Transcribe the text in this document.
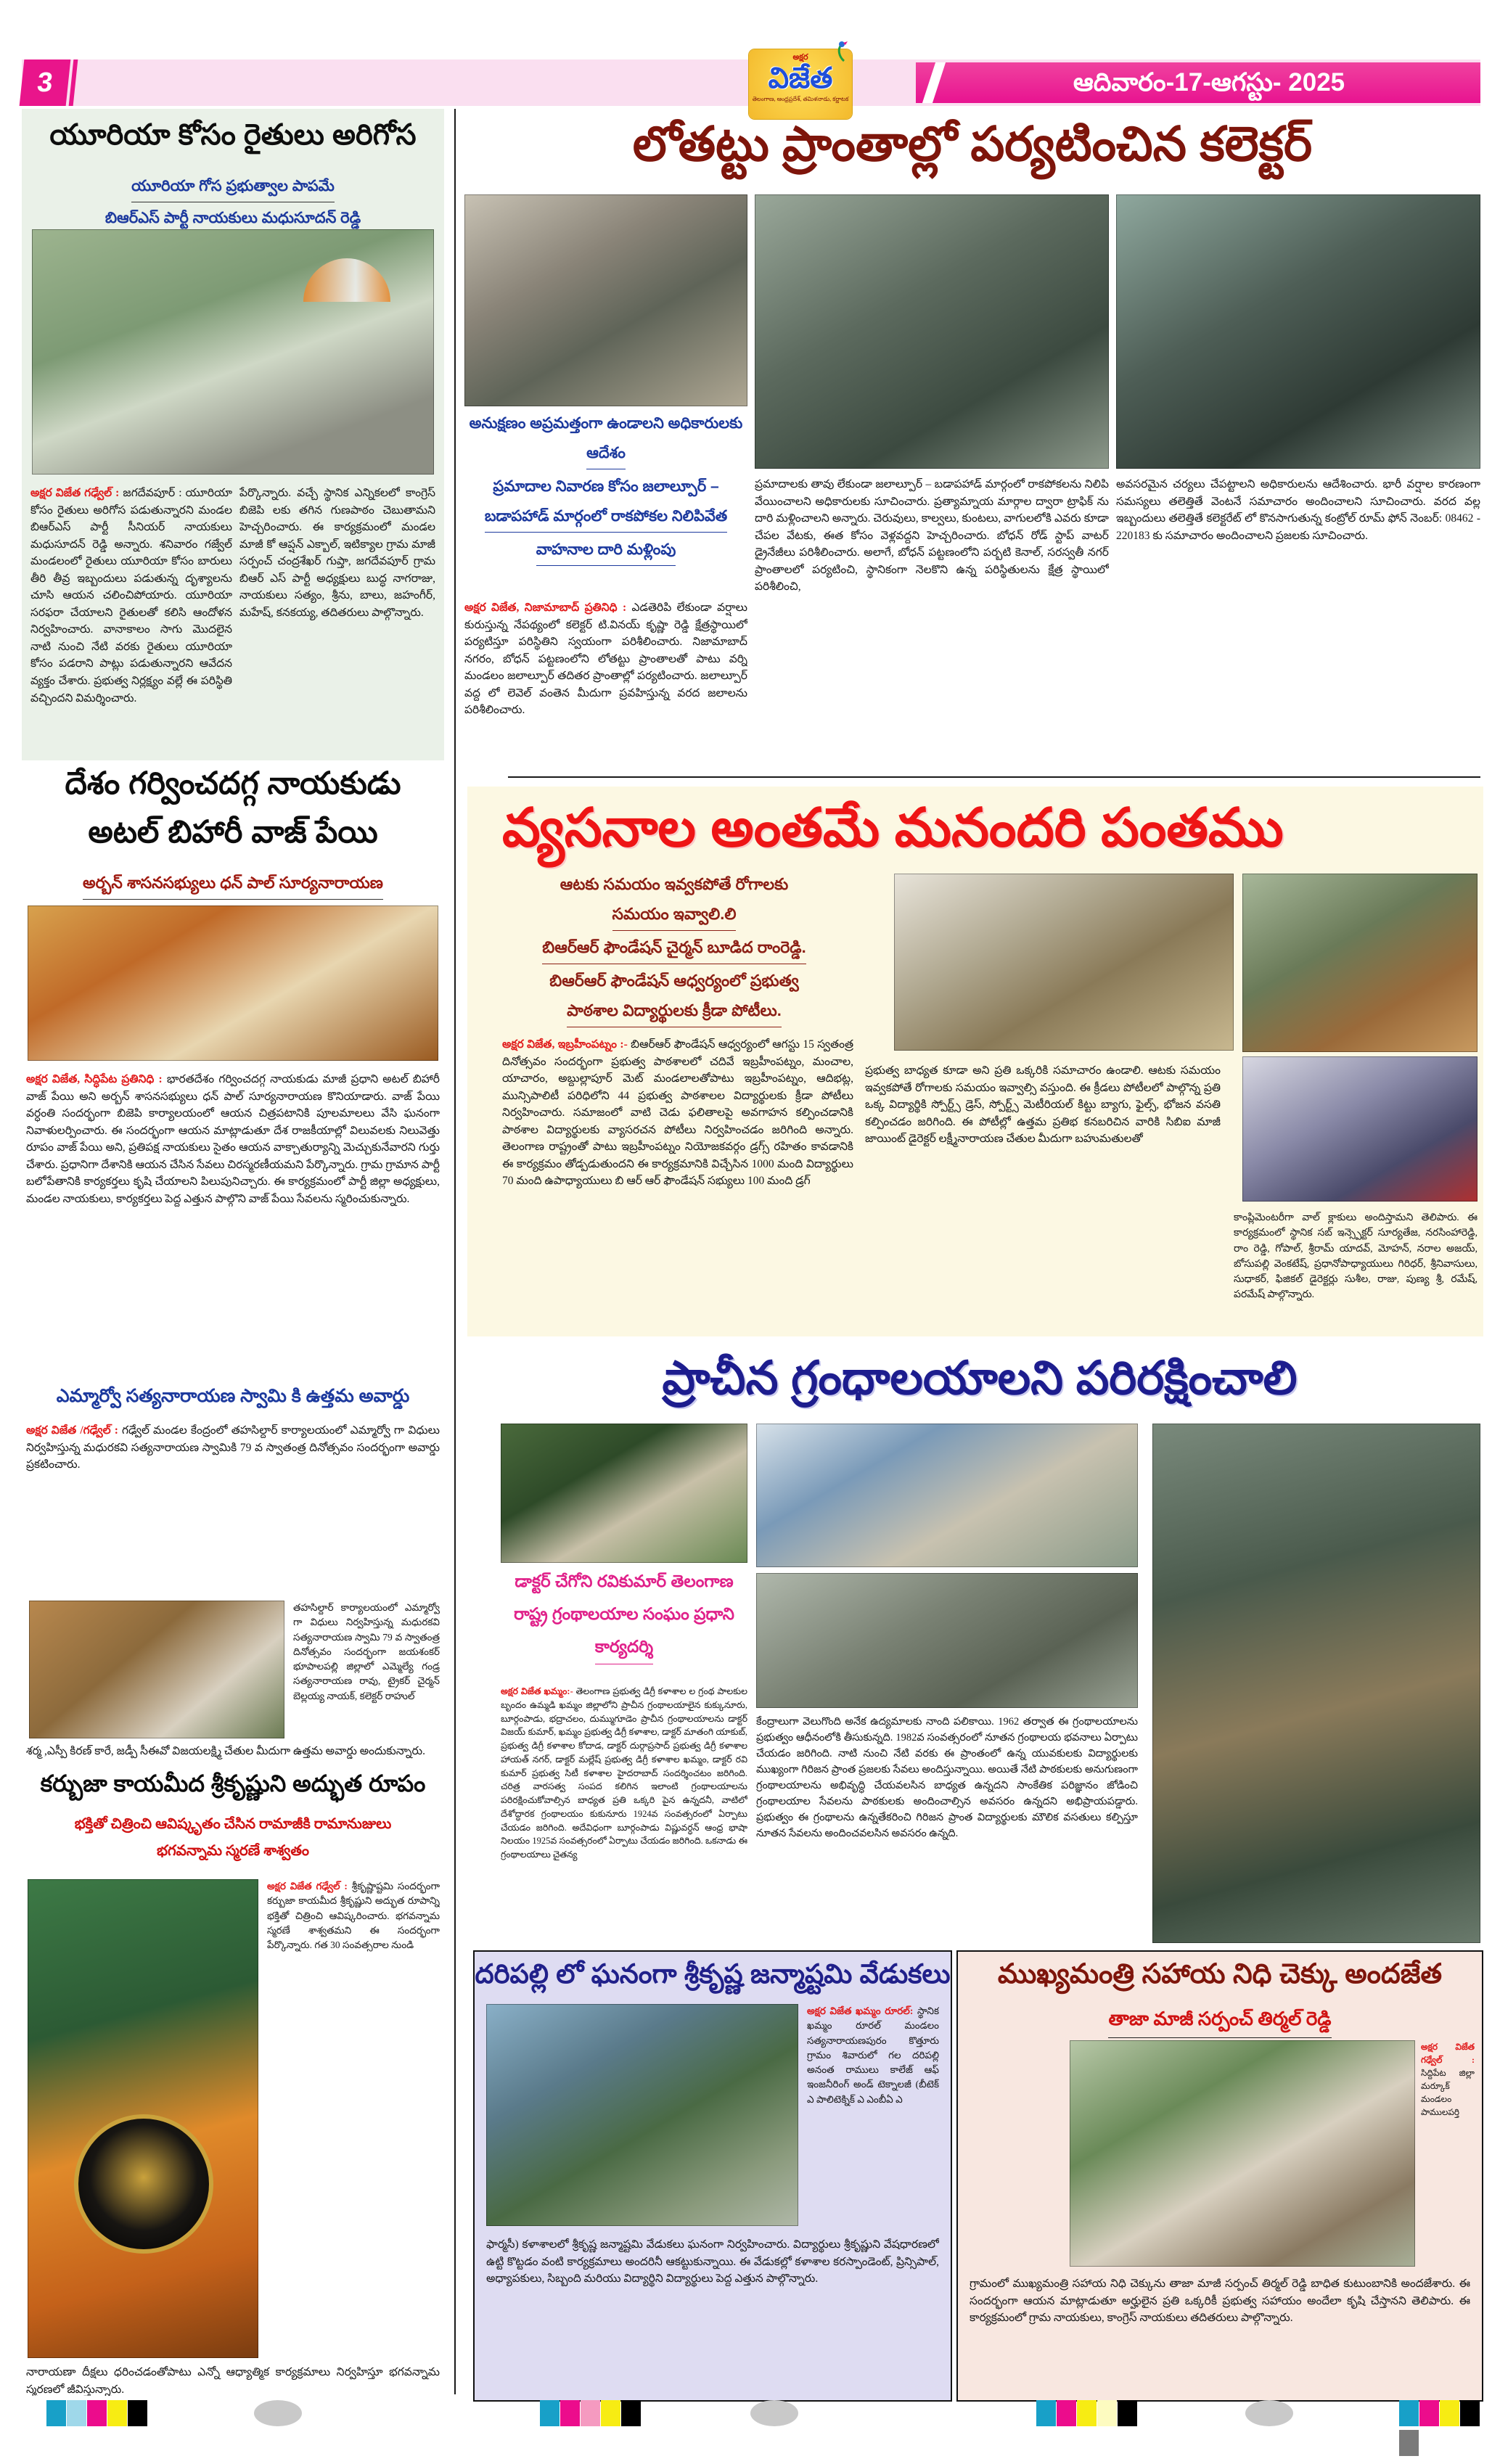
3
అక్షర
విజేత
తెలంగాణ, ఆంధ్రప్రదేశ్, తమిళనాడు, కర్ణాటక
ఆదివారం-17-ఆగస్టు- 2025
యూరియా కోసం రైతులు అరిగోస
యూరియా గోస ప్రభుత్వాల పాపమే
బిఆర్ఎస్ పార్టీ నాయకులు మధుసూదన్ రెడ్డి
అక్షర విజేత గఢ్వేల్ : జగదేవపూర్ : యూరియా కోసం రైతులు అరిగోస పడుతున్నారని మండల బిఆర్ఎస్ పార్టీ సీనియర్ నాయకులు మధుసూదన్ రెడ్డి అన్నారు. శనివారం గజ్వేల్ మండలంలో రైతులు యూరియా కోసం బారులు తీరి తీవ్ర ఇబ్బందులు పడుతున్న దృశ్యాలను చూసి ఆయన చలించిపోయారు. యూరియా సరఫరా చేయాలని రైతులతో కలిసి ఆందోళన నిర్వహించారు. వానాకాలం సాగు మొదలైన నాటి నుంచి నేటి వరకు రైతులు యూరియా కోసం పడరాని పాట్లు పడుతున్నారని ఆవేదన వ్యక్తం చేశారు. ప్రభుత్వ నిర్లక్ష్యం వల్లే ఈ పరిస్థితి వచ్చిందని విమర్శించారు.
పేర్కొన్నారు. వచ్చే స్థానిక ఎన్నికలలో కాంగ్రెస్ బిజెపి లకు తగిన గుణపాఠం చెబుతామని హెచ్చరించారు. ఈ కార్యక్రమంలో మండల మాజీ కో ఆప్షన్ ఎక్బాల్, ఇటిక్యాల గ్రామ మాజీ సర్పంచ్ చంద్రశేఖర్ గుప్తా, జగదేవపూర్ గ్రామ బిఆర్ ఎస్ పార్టీ అధ్యక్షులు బుద్ధ నాగరాజు, నాయకులు సత్యం, శ్రీను, బాలు, జహంగీర్, మహేష్, కనకయ్య, తదితరులు పాల్గొన్నారు.
దేశం గర్వించదగ్గ నాయకుడు
అటల్ బిహారీ వాజ్ పేయి
అర్బన్ శాసనసభ్యులు ధన్ పాల్ సూర్యనారాయణ
అక్షర విజేత, సిద్ధిపేట ప్రతినిధి : భారతదేశం గర్వించదగ్గ నాయకుడు మాజీ ప్రధాని అటల్ బిహారీ వాజ్ పేయి అని అర్బన్ శాసనసభ్యులు ధన్ పాల్ సూర్యనారాయణ కొనియాడారు. వాజ్ పేయి వర్ధంతి సందర్భంగా బిజెపి కార్యాలయంలో ఆయన చిత్రపటానికి పూలమాలలు వేసి ఘనంగా నివాళులర్పించారు. ఈ సందర్భంగా ఆయన మాట్లాడుతూ దేశ రాజకీయాల్లో విలువలకు నిలువెత్తు రూపం వాజ్ పేయి అని, ప్రతిపక్ష నాయకులు సైతం ఆయన వాక్చాతుర్యాన్ని మెచ్చుకునేవారని గుర్తు చేశారు. ప్రధానిగా దేశానికి ఆయన చేసిన సేవలు చిరస్మరణీయమని పేర్కొన్నారు. గ్రామ గ్రామాన పార్టీ బలోపేతానికి కార్యకర్తలు కృషి చేయాలని పిలుపునిచ్చారు. ఈ కార్యక్రమంలో పార్టీ జిల్లా అధ్యక్షులు, మండల నాయకులు, కార్యకర్తలు పెద్ద ఎత్తున పాల్గొని వాజ్ పేయి సేవలను స్మరించుకున్నారు.
ఎమ్మార్వో సత్యనారాయణ స్వామి కి ఉత్తమ అవార్డు
అక్షర విజేత /గఢ్వేల్ : గఢ్వేల్ మండల కేంద్రంలో తహసిల్దార్ కార్యాలయంలో ఎమ్మార్వో గా విధులు నిర్వహిస్తున్న మధురకవి సత్యనారాయణ స్వామికి 79 వ స్వాతంత్ర దినోత్సవం సందర్భంగా అవార్డు ప్రకటించారు.
తహసిల్దార్ కార్యాలయంలో ఎమ్మార్వో గా విధులు నిర్వహిస్తున్న మధురకవి సత్యనారాయణ స్వామి 79 వ స్వాతంత్ర దినోత్సవం సందర్భంగా జయశంకర్ భూపాలపల్లి జిల్లాలో ఎమ్మెల్యే గండ్ర సత్యనారాయణ రావు, ట్రైకర్ చైర్మన్ బెల్లయ్య నాయక్, కలెక్టర్ రాహుల్
శర్మ ,ఎస్పీ కిరణ్ కారే, జడ్పీ సీఈవో విజయలక్ష్మి చేతుల మీదుగా ఉత్తమ అవార్డు అందుకున్నారు.
కర్బుజా కాయమీద శ్రీకృష్ణుని అద్భుత రూపం
భక్తితో చిత్రించి ఆవిష్కృతం చేసిన రామాజీకి రామానుజులు
భగవన్నామ స్మరణే శాశ్వతం
అక్షర విజేత గఢ్వేల్ : శ్రీకృష్ణాష్టమి సందర్భంగా కర్బుజా కాయమీద శ్రీకృష్ణుని అద్భుత రూపాన్ని భక్తితో చిత్రించి ఆవిష్కరించారు. భగవన్నామ స్మరణే శాశ్వతమని ఈ సందర్భంగా పేర్కొన్నారు. గత 30 సంవత్సరాల నుండి
నారాయణా దీక్షలు ధరించడంతోపాటు ఎన్నో ఆధ్యాత్మిక కార్యక్రమాలు నిర్వహిస్తూ భగవన్నామ స్మరణలో జీవిస్తున్నారు.
లోతట్టు ప్రాంతాల్లో పర్యటించిన కలెక్టర్
అనుక్షణం అప్రమత్తంగా ఉండాలని అధికారులకు
ఆదేశం
ప్రమాదాల నివారణ కోసం జలాల్పూర్ –
బడాపహాడ్ మార్గంలో రాకపోకల నిలిపివేత
వాహనాల దారి మళ్లింపు
అక్షర విజేత, నిజామాబాద్ ప్రతినిధి : ఎడతెరిపి లేకుండా వర్షాలు కురుస్తున్న నేపథ్యంలో కలెక్టర్ టి.వినయ్ కృష్ణా రెడ్డి క్షేత్రస్థాయిలో పర్యటిస్తూ పరిస్థితిని స్వయంగా పరిశీలించారు. నిజామాబాద్ నగరం, బోధన్ పట్టణంలోని లోతట్టు ప్రాంతాలతో పాటు వర్ని మండలం జలాల్పూర్ తదితర ప్రాంతాల్లో పర్యటించారు. జలాల్పూర్ వద్ద లో లెవెల్ వంతెన మీదుగా ప్రవహిస్తున్న వరద జలాలను పరిశీలించారు.
ప్రమాదాలకు తావు లేకుండా జలాల్పూర్ – బడాపహాడ్ మార్గంలో రాకపోకలను నిలిపి వేయించాలని అధికారులకు సూచించారు. ప్రత్యామ్నాయ మార్గాల ద్వారా ట్రాఫిక్ ను దారి మళ్లించాలని అన్నారు. చెరువులు, కాల్వలు, కుంటలు, వాగులలోకి ఎవరు కూడా చేపల వేటకు, ఈత కోసం వెళ్లవద్దని హెచ్చరించారు. బోధన్ రోడ్ స్టాప్ వాటర్ డ్రైనేజీలు పరిశీలించారు. అలాగే, బోధన్ పట్టణంలోని పర్బటి కెనాల్, సరస్వతీ నగర్ ప్రాంతాలలో పర్యటించి, స్థానికంగా నెలకొని ఉన్న పరిస్థితులను క్షేత్ర స్థాయిలో పరిశీలించి,
అవసరమైన చర్యలు చేపట్టాలని అధికారులను ఆదేశించారు. భారీ వర్షాల కారణంగా సమస్యలు తలెత్తితే వెంటనే సమాచారం అందించాలని సూచించారు. వరద వల్ల ఇబ్బందులు తలెత్తితే కలెక్టరేట్ లో కొనసాగుతున్న కంట్రోల్ రూమ్ ఫోన్ నెంబర్: 08462 - 220183 కు సమాచారం అందించాలని ప్రజలకు సూచించారు.
వ్యసనాల అంతమే మనందరి పంతము
ఆటకు సమయం ఇవ్వకపోతే రోగాలకు
సమయం ఇవ్వాలి.లి
బిఆర్ఆర్ ఫౌండేషన్ చైర్మన్ బూడిద రాంరెడ్డి.
బిఆర్ఆర్ ఫౌండేషన్ ఆధ్వర్యంలో ప్రభుత్వ
పాఠశాల విద్యార్థులకు క్రీడా పోటీలు.
అక్షర విజేత, ఇబ్రహీంపట్నం :- బిఆర్ఆర్ ఫౌండేషన్ ఆధ్వర్యంలో ఆగస్టు 15 స్వతంత్ర దినోత్సవం సందర్భంగా ప్రభుత్వ పాఠశాలలో చదివే ఇబ్రహీంపట్నం, మంచాల, యాచారం, అబ్దుల్లాపూర్ మెట్ మండలాలతోపాటు ఇబ్రహీంపట్నం, ఆదిభట్ల, మున్సిపాలిటీ పరిధిలోని 44 ప్రభుత్వ పాఠశాలల విద్యార్థులకు క్రీడా పోటీలు నిర్వహించారు. సమాజంలో వాటి చెడు ఫలితాలపై అవగాహన కల్పించడానికి పాఠశాల విద్యార్థులకు వ్యాసరచన పోటీలు నిర్వహించడం జరిగింది అన్నారు. తెలంగాణ రాష్ట్రంతో పాటు ఇబ్రహీంపట్నం నియోజకవర్గం డ్రగ్స్ రహితం కావడానికి ఈ కార్యక్రమం తోడ్పడుతుందని ఈ కార్యక్రమానికి విచ్చేసిన 1000 మంది విద్యార్థులు 70 మంది ఉపాధ్యాయులు బి ఆర్ ఆర్ ఫౌండేషన్ సభ్యులు 100 మంది డ్రగ్
ప్రభుత్వ బాధ్యత కూడా అని ప్రతి ఒక్కరికి సమాచారం ఉండాలి. ఆటకు సమయం ఇవ్వకపోతే రోగాలకు సమయం ఇవ్వాల్సి వస్తుంది. ఈ క్రీడలు పోటీలలో పాల్గొన్న ప్రతి ఒక్క విద్యార్థికి స్పోర్ట్స్ డ్రెస్, స్పోర్ట్స్ మెటీరియల్ కిట్టు బ్యాగు, ఫైల్స్, భోజన వసతి కల్పించడం జరిగింది. ఈ పోటీల్లో ఉత్తమ ప్రతిభ కనబరిచిన వారికి సిబిఐ మాజీ జాయింట్ డైరెక్టర్ లక్ష్మీనారాయణ చేతుల మీదుగా బహుమతులతో
కాంప్లిమెంటరీగా వాల్ క్లాకులు అందిస్తామని తెలిపారు. ఈ కార్యక్రమంలో స్థానిక సబ్ ఇన్స్పెక్టర్ సూర్యతేజ, నరసింహారెడ్డి, రాం రెడ్డి, గోపాల్, శ్రీరామ్ యాదవ్, మోహన్, నరాల అజయ్, బోసుపల్లి వెంకటేష్, ప్రధానోపాధ్యాయులు గిరిధర్, శ్రీనివాసులు, సుధాకర్, ఫిజికల్ డైరెక్టర్లు సుశీల, రాజు, పుణ్య శ్రీ, రమేష్, పరమేష్ పాల్గొన్నారు.
ప్రాచీన గ్రంధాలయాలని పరిరక్షించాలి
డాక్టర్ చేగోని రవికుమార్ తెలంగాణ
రాష్ట్ర గ్రంథాలయాల సంఘం ప్రధాని
కార్యదర్శి
అక్షర విజేత ఖమ్మం:- తెలంగాణ ప్రభుత్వ డిగ్రీ కళాశాల ల గ్రంథ పాలకుల బృందం ఉమ్మడి ఖమ్మం జిల్లాలోని ప్రాచీన గ్రంథాలయాలైన కుక్కునూరు, బూర్గంపాడు, భద్రాచలం, దుమ్ముగూడెం ప్రాచీన గ్రంథాలయాలను డాక్టర్ విజయ్ కుమార్, ఖమ్మం ప్రభుత్వ డిగ్రీ కళాశాల, డాక్టర్ మాతంగి యాకుబ్, ప్రభుత్వ డిగ్రీ కళాశాల కోదాడ, డాక్టర్ దుర్గాప్రసాద్ ప్రభుత్వ డిగ్రీ కళాశాల హాయత్ నగర్, డాక్టర్ మల్లేష్ ప్రభుత్వ డిగ్రీ కళాశాల ఖమ్మం, డాక్టర్ రవి కుమార్ ప్రభుత్వ సిటీ కళాశాల హైదరాబాద్ సందర్శించటం జరిగింది. చరిత్ర వారసత్వ సంపద కలిగిన ఇలాంటి గ్రంథాలయాలను పరిరక్షించుకోవాల్సిన బాధ్యత ప్రతి ఒక్కరి పైన ఉన్నదనీ, వాటిలో దేశోద్ధారక గ్రంథాలయం కుకునూరు 1924వ సంవత్సరంలో ఏర్పాటు చేయడం జరిగింది. అదేవిధంగా బూర్గంపాడు విష్ణువర్ధన్ ఆంధ్ర భాషా నిలయం 1925వ సంవత్సరంలో ఏర్పాటు చేయడం జరిగింది. ఒకనాడు ఈ గ్రంథాలయాలు చైతన్య
కేంద్రాలుగా వెలుగొంది అనేక ఉద్యమాలకు నాంది పలికాయి. 1962 తర్వాత ఈ గ్రంథాలయాలను ప్రభుత్వం ఆధీనంలోకి తీసుకున్నది. 1982వ సంవత్సరంలో నూతన గ్రంథాలయ భవనాలు ఏర్పాటు చేయడం జరిగింది. నాటి నుంచి నేటి వరకు ఈ ప్రాంతంలో ఉన్న యువకులకు విద్యార్థులకు ముఖ్యంగా గిరిజన ప్రాంత ప్రజలకు సేవలు అందిస్తున్నాయి. అయితే నేటి పాఠకులకు అనుగుణంగా గ్రంథాలయాలను అభివృద్ధి చేయవలసిన బాధ్యత ఉన్నదని సాంకేతిక పరిజ్ఞానం జోడించి గ్రంథాలయాల సేవలను పాఠకులకు అందించాల్సిన అవసరం ఉన్నదని అభిప్రాయపడ్డారు. ప్రభుత్వం ఈ గ్రంథాలను ఉన్నతేకరించి గిరిజన ప్రాంత విద్యార్థులకు మౌలిక వసతులు కల్పిస్తూ నూతన సేవలను అందించవలసిన అవసరం ఉన్నది.
దరిపల్లి లో ఘనంగా శ్రీకృష్ణ జన్మాష్టమి వేడుకలు
అక్షర విజేత ఖమ్మం రూరల్: స్థానిక ఖమ్మం రూరల్ మండలం సత్యనారాయణపురం కొత్తూరు గ్రామం శివారులో గల దరిపల్లి అనంత రాములు కాలేజ్ ఆఫ్ ఇంజనీరింగ్ అండ్ టెక్నాలజీ (బీటెక్ ఎ పాలిటెక్నిక్ ఎ ఎంబీఏ ఎ
ఫార్మసీ) కళాశాలలో శ్రీకృష్ణ జన్మాష్టమి వేడుకలు ఘనంగా నిర్వహించారు. విద్యార్థులు శ్రీకృష్ణుని వేషధారణలో ఉట్టి కొట్టడం వంటి కార్యక్రమాలు అందరినీ ఆకట్టుకున్నాయి. ఈ వేడుకల్లో కళాశాల కరస్పాండెంట్, ప్రిన్సిపాల్, అధ్యాపకులు, సిబ్బంది మరియు విద్యార్థిని విద్యార్థులు పెద్ద ఎత్తున పాల్గొన్నారు.
ముఖ్యమంత్రి సహాయ నిధి చెక్కు అందజేత
తాజా మాజీ సర్పంచ్ తిర్మల్ రెడ్డి
అక్షర విజేత గఢ్వేల్ : సిద్దిపేట జిల్లా మర్కూక్ మండలం పాములపర్తి
గ్రామంలో ముఖ్యమంత్రి సహాయ నిధి చెక్కును తాజా మాజీ సర్పంచ్ తిర్మల్ రెడ్డి బాధిత కుటుంబానికి అందజేశారు. ఈ సందర్భంగా ఆయన మాట్లాడుతూ అర్హులైన ప్రతి ఒక్కరికీ ప్రభుత్వ సహాయం అందేలా కృషి చేస్తానని తెలిపారు. ఈ కార్యక్రమంలో గ్రామ నాయకులు, కాంగ్రెస్ నాయకులు తదితరులు పాల్గొన్నారు.
